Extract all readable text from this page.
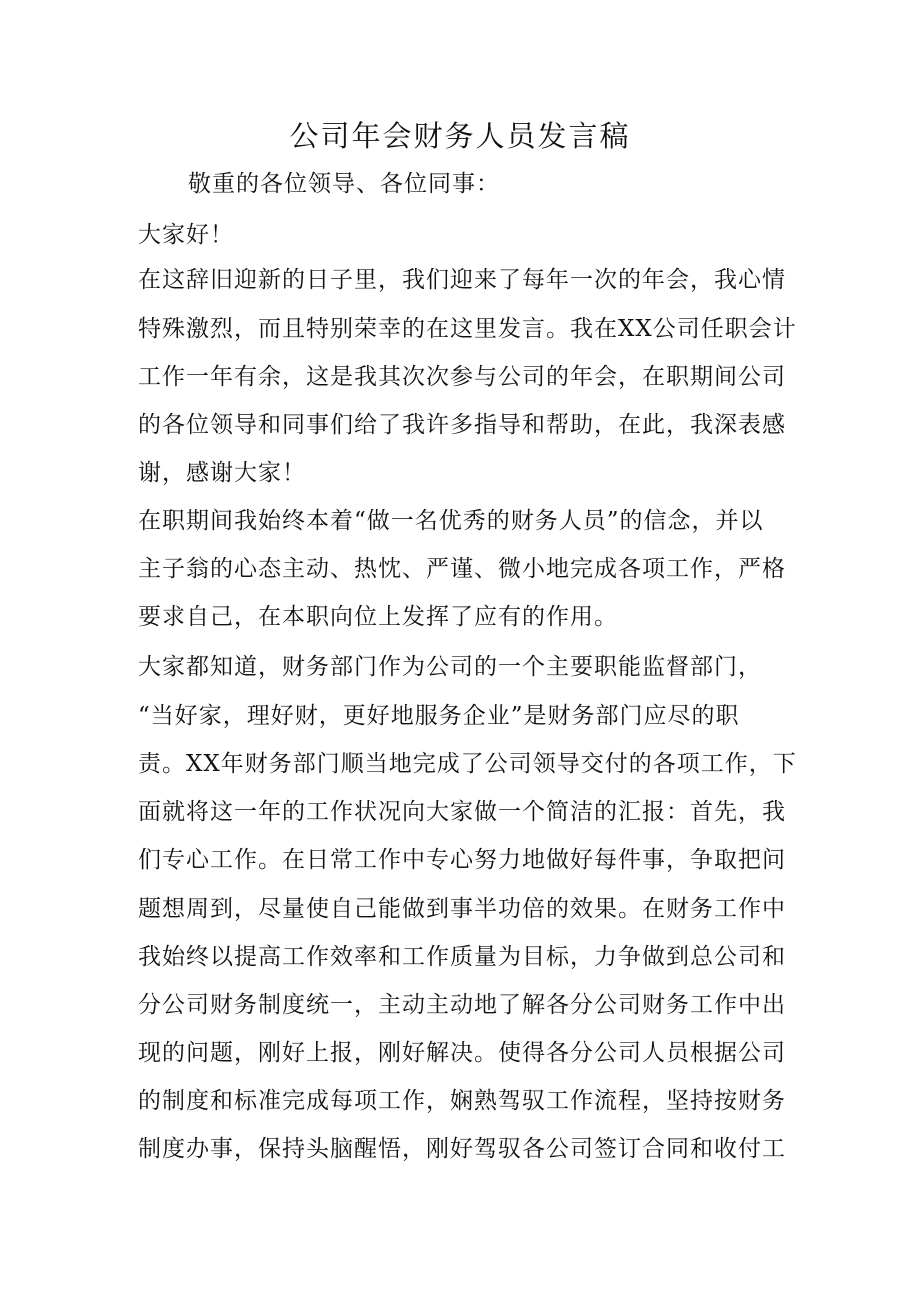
公司年会财务人员发言稿

敬重的各位领导、各位同事：

大家好！

在这辞旧迎新的日子里，我们迎来了每年一次的年会，我心情

特殊激烈，而且特别荣幸的在这里发言。我在XX公司任职会计

工作一年有余，这是我其次次参与公司的年会，在职期间公司

的各位领导和同事们给了我许多指导和帮助，在此，我深表感

谢，感谢大家！

在职期间我始终本着“做一名优秀的财务人员”的信念，并以

主子翁的心态主动、热忱、严谨、微小地完成各项工作，严格

要求自己，在本职向位上发挥了应有的作用。

大家都知道，财务部门作为公司的一个主要职能监督部门，

“当好家，理好财，更好地服务企业”是财务部门应尽的职

责。XX年财务部门顺当地完成了公司领导交付的各项工作，下

面就将这一年的工作状况向大家做一个简洁的汇报：首先，我

们专心工作。在日常工作中专心努力地做好每件事，争取把问

题想周到，尽量使自己能做到事半功倍的效果。在财务工作中

我始终以提高工作效率和工作质量为目标，力争做到总公司和

分公司财务制度统一，主动主动地了解各分公司财务工作中出

现的问题，刚好上报，刚好解决。使得各分公司人员根据公司

的制度和标准完成每项工作，娴熟驾驭工作流程，坚持按财务

制度办事，保持头脑醒悟，刚好驾驭各公司签订合同和收付工
